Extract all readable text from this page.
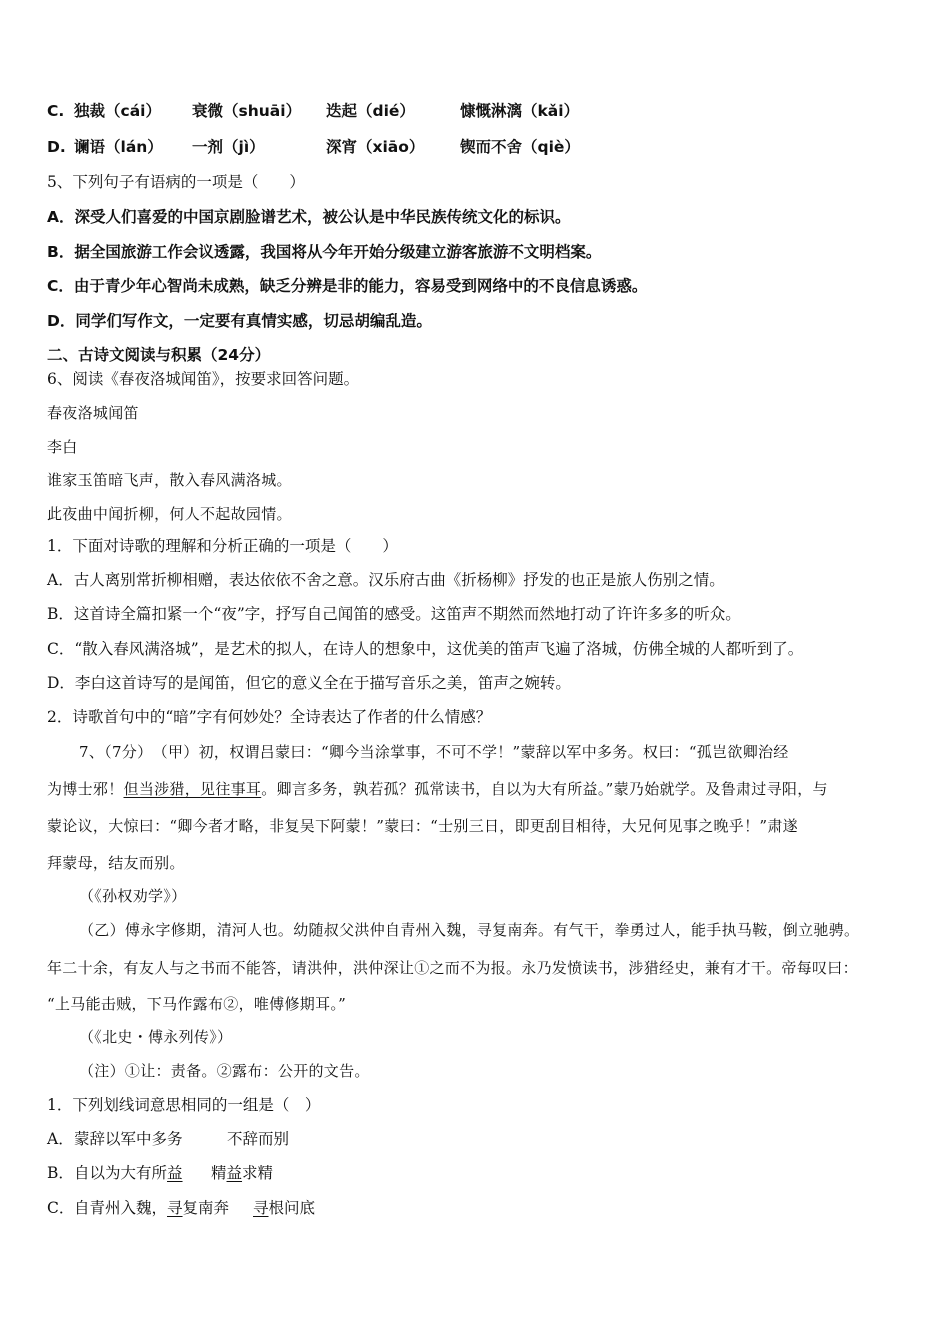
C. 独裁（cái） 衰微（shuāi） 迭起（dié）	慷慨淋漓（kǎi）
D. 谰语（lán） 一剂（jì）	深宵（xiāo） 锲而不舍（qiè）
5、下列句子有语病的一项是（　　）
A．深受人们喜爱的中国京剧脸谱艺术，被公认是中华民族传统文化的标识。
B．据全国旅游工作会议透露，我国将从今年开始分级建立游客旅游不文明档案。
C．由于青少年心智尚未成熟，缺乏分辨是非的能力，容易受到网络中的不良信息诱惑。
D．同学们写作文，一定要有真情实感，切忌胡编乱造。
二、古诗文阅读与积累（24分）
6、阅读《春夜洛城闻笛》，按要求回答问题。
春夜洛城闻笛
李白
谁家玉笛暗飞声，散入春风满洛城。
此夜曲中闻折柳，何人不起故园情。
1．下面对诗歌的理解和分析正确的一项是（　　）
A．古人离别常折柳相赠，表达依依不舍之意。汉乐府古曲《折杨柳》抒发的也正是旅人伤别之情。
B．这首诗全篇扣紧一个“夜”字，抒写自己闻笛的感受。这笛声不期然而然地打动了许许多多的听众。
C．“散入春风满洛城”，是艺术的拟人，在诗人的想象中，这优美的笛声飞遍了洛城，仿佛全城的人都听到了。
D．李白这首诗写的是闻笛，但它的意义全在于描写音乐之美，笛声之婉转。
2．诗歌首句中的“暗”字有何妙处？全诗表达了作者的什么情感？
7、（7分）　（甲）初，权谓吕蒙曰：“卿今当涂掌事，不可不学！”蒙辞以军中多务。权曰：“孤岂欲卿治经
为博士邪！但当涉猎，见往事耳。卿言多务，孰若孤？孤常读书，自以为大有所益。”蒙乃始就学。及鲁肃过寻阳，与
蒙论议，大惊曰：“卿今者才略，非复吴下阿蒙！”蒙曰：“士别三日，即更刮目相待，大兄何见事之晚乎！”肃遂
拜蒙母，结友而别。
（《孙权劝学》）
（乙）傅永字修期，清河人也。幼随叔父洪仲自青州入魏，寻复南奔。有气干，拳勇过人，能手执马鞍，倒立驰骋。
年二十余，有友人与之书而不能答，请洪仲，洪仲深让①之而不为报。永乃发愤读书，涉猎经史，兼有才干。帝每叹曰：
“上马能击贼，下马作露布②，唯傅修期耳。”
（《北史・傅永列传》）
（注）①让：责备。②露布：公开的文告。
1．下列划线词意思相同的一组是（　）
A． 蒙辞以军中多务	不辞而别
B． 自以为大有所益 精益求精
C． 自青州入魏，寻复南奔 寻根问底
